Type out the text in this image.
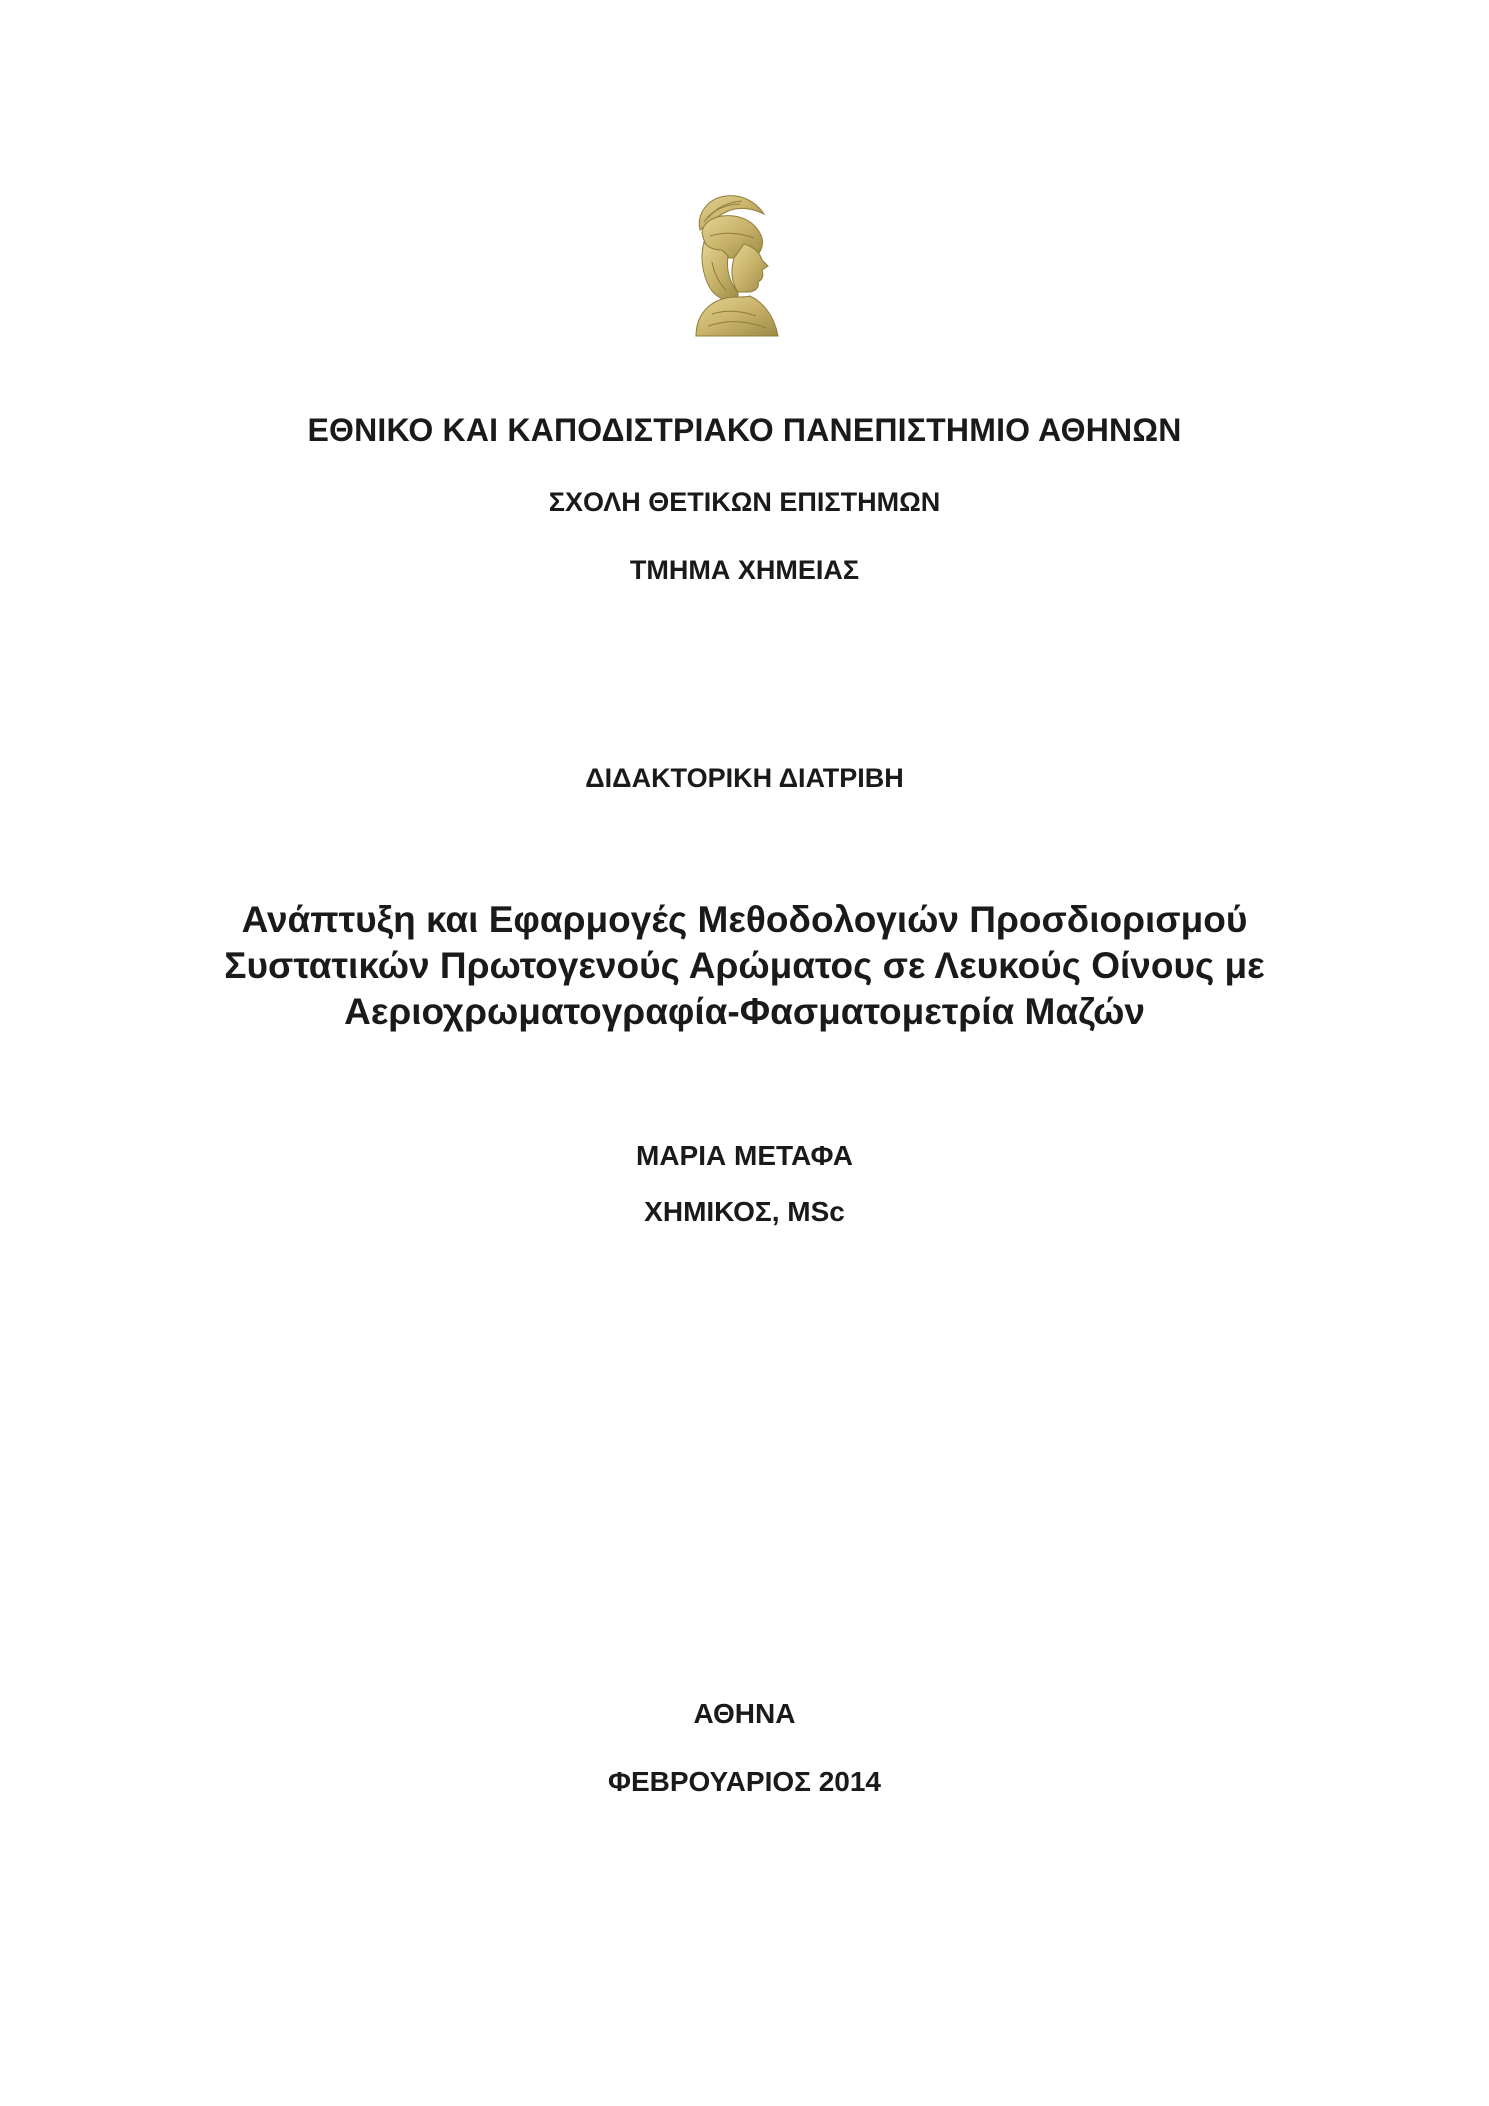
ΕΘΝΙΚΟ ΚΑΙ ΚΑΠΟΔΙΣΤΡΙΑΚΟ ΠΑΝΕΠΙΣΤΗΜΙΟ ΑΘΗΝΩΝ
ΣΧΟΛΗ ΘΕΤΙΚΩΝ ΕΠΙΣΤΗΜΩΝ
ΤΜΗΜΑ ΧΗΜΕΙΑΣ
ΔΙΔΑΚΤΟΡΙΚΗ ΔΙΑΤΡΙΒΗ
Ανάπτυξη και Εφαρμογές Μεθοδολογιών Προσδιορισμού
Συστατικών Πρωτογενούς Αρώματος σε Λευκούς Οίνους με
Αεριοχρωματογραφία-Φασματομετρία Μαζών
ΜΑΡΙΑ ΜΕΤΑΦΑ
ΧΗΜΙΚΟΣ, MSc
ΑΘΗΝΑ
ΦΕΒΡΟΥΑΡΙΟΣ 2014
